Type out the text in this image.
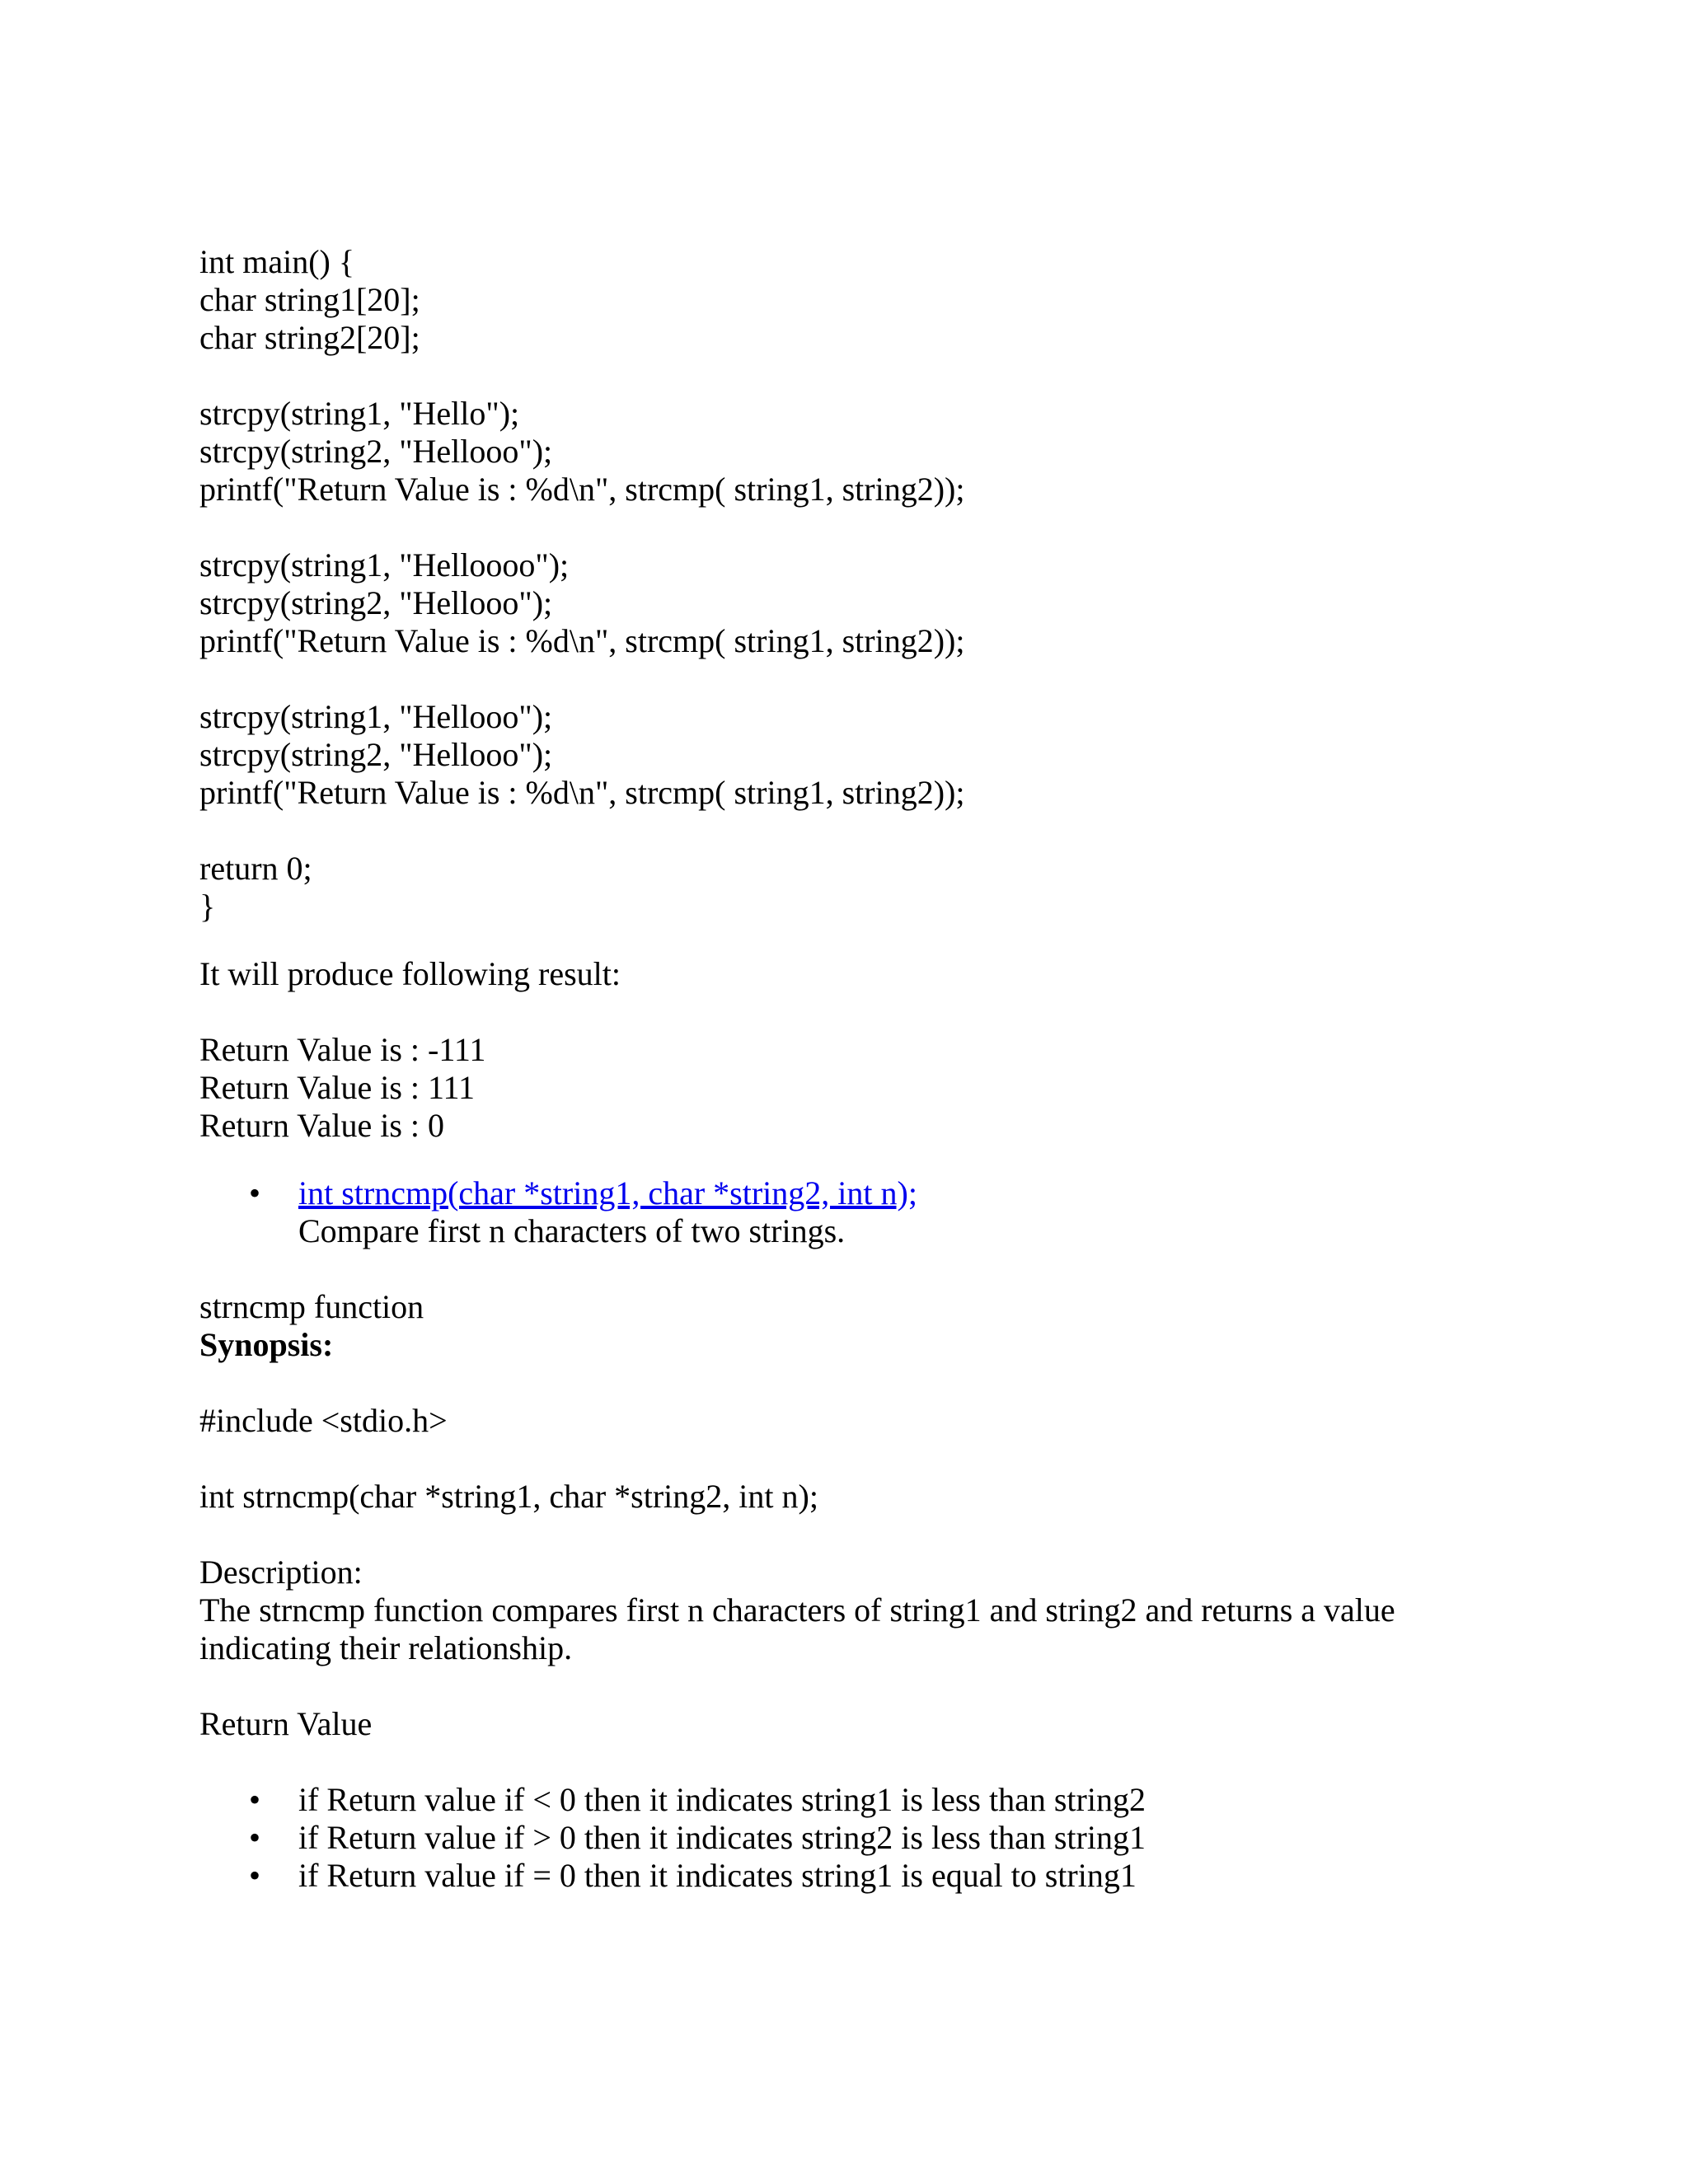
int main() {
char string1[20];
char string2[20];
strcpy(string1, "Hello");
strcpy(string2, "Hellooo");
printf("Return Value is : %d\n", strcmp( string1, string2));
strcpy(string1, "Helloooo");
strcpy(string2, "Hellooo");
printf("Return Value is : %d\n", strcmp( string1, string2));
strcpy(string1, "Hellooo");
strcpy(string2, "Hellooo");
printf("Return Value is : %d\n", strcmp( string1, string2));
return 0;
}
It will produce following result:
Return Value is : -111
Return Value is : 111
Return Value is : 0
• int strncmp(char *string1, char *string2, int n);
Compare first n characters of two strings.
strncmp function
Synopsis:
#include <stdio.h>
int strncmp(char *string1, char *string2, int n);
Description:
The strncmp function compares first n characters of string1 and string2 and returns a value indicating their relationship.
Return Value
• if Return value if < 0 then it indicates string1 is less than string2
• if Return value if > 0 then it indicates string2 is less than string1
• if Return value if = 0 then it indicates string1 is equal to string1
